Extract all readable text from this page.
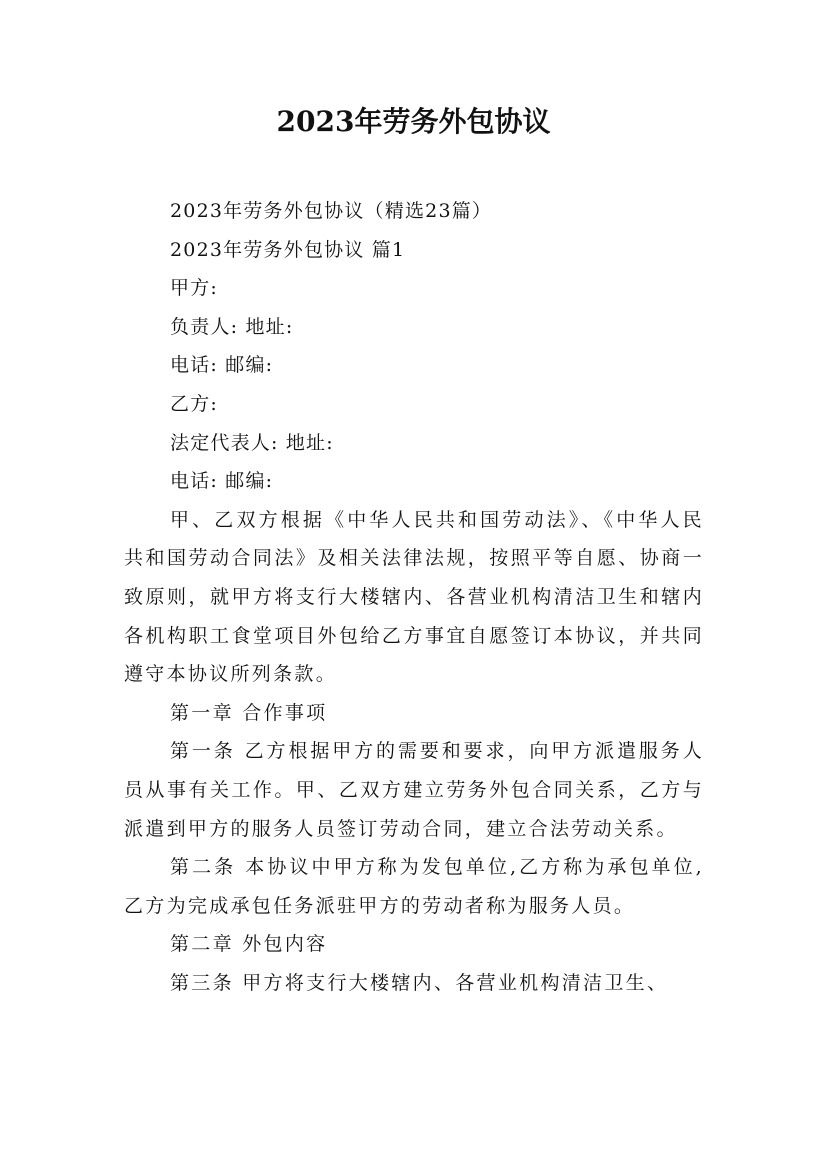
2023年劳务外包协议
2023年劳务外包协议（精选23篇）
2023年劳务外包协议 篇1
甲方:
负责人: 地址:
电话: 邮编:
乙方:
法定代表人: 地址:
电话: 邮编:
甲、乙双方根据《中华人民共和国劳动法》、《中华人民共和国劳动合同法》及相关法律法规，按照平等自愿、协商一致原则，就甲方将支行大楼辖内、各营业机构清洁卫生和辖内各机构职工食堂项目外包给乙方事宜自愿签订本协议，并共同遵守本协议所列条款。
第一章 合作事项
第一条 乙方根据甲方的需要和要求，向甲方派遣服务人员从事有关工作。甲、乙双方建立劳务外包合同关系，乙方与派遣到甲方的服务人员签订劳动合同，建立合法劳动关系。
第二条 本协议中甲方称为发包单位,乙方称为承包单位,乙方为完成承包任务派驻甲方的劳动者称为服务人员。
第二章 外包内容
第三条 甲方将支行大楼辖内、各营业机构清洁卫生、
